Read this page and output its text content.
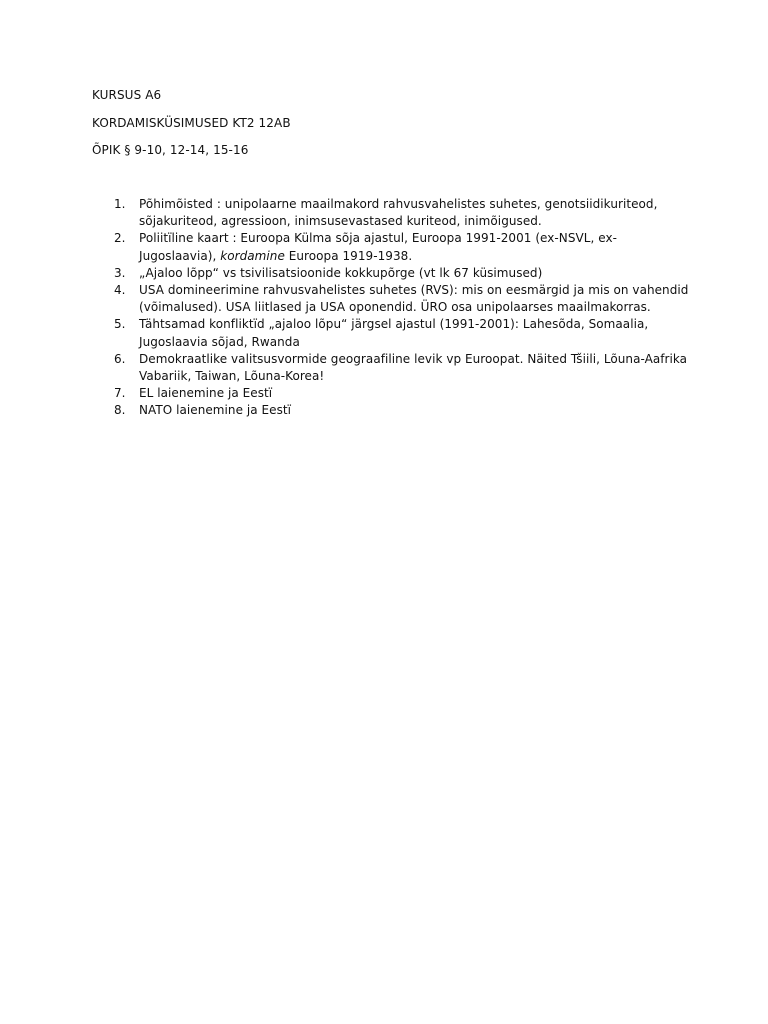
KURSUS A6
KORDAMISKÜSIMUSED KT2 12AB
ÕPIK § 9-10, 12-14, 15-16
1. Põhimõisted : unipolaarne maailmakord rahvusvahelistes suhetes, genotsiidikuriteod, sõjakuriteod, agressioon, inimsusevastased kuriteod, inimõigused.
2. Poliitïline kaart : Euroopa Külma sõja ajastul, Euroopa 1991-2001 (ex-NSVL, ex-Jugoslaavia), kordamine Euroopa 1919-1938.
3. „Ajaloo lõpp“ vs tsivilisatsioonide kokkupõrge (vt lk 67 küsimused)
4. USA domineerimine rahvusvahelistes suhetes (RVS): mis on eesmärgid ja mis on vahendid (võimalused). USA liitlased ja USA oponendid. ÜRO osa unipolaarses maailmakorras.
5. Tähtsamad konfliktïd „ajaloo lõpu“ järgsel ajastul (1991-2001): Lahesõda, Somaalia, Jugoslaavia sõjad, Rwanda
6. Demokraatlike valitsusvormide geograafiline levik vp Euroopat. Näited Tšiili, Lõuna-Aafrika Vabariik, Taiwan, Lõuna-Korea!
7. EL laienemine ja Eestï
8. NATO laienemine ja Eestï
